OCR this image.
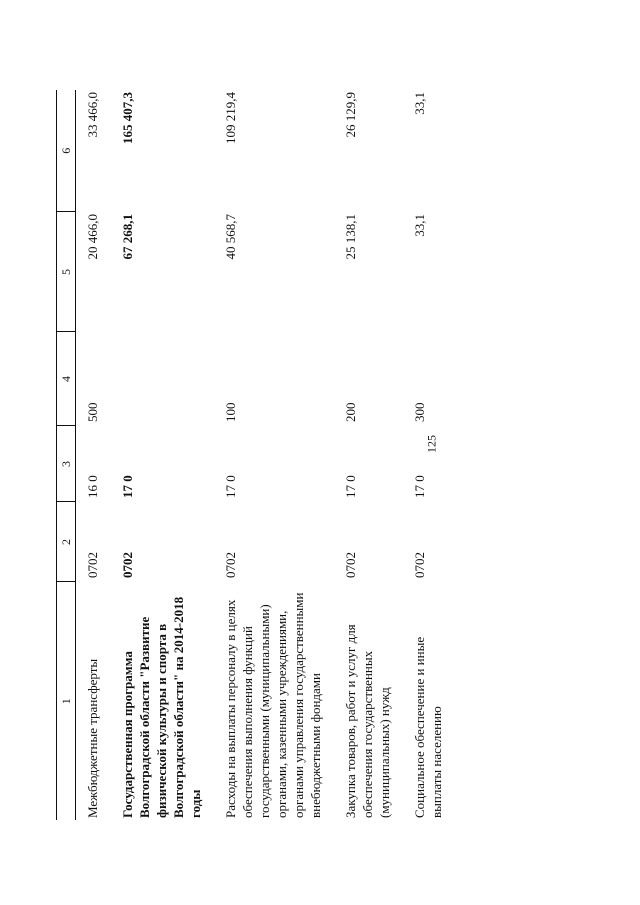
125
1	2	3	4	5	6
Межбюджетные трансферты	0702	16 0	500	20 466,0	33 466,0
Государственная программа Волгоградской области "Развитие физической культуры и спорта в Волгоградской области" на 2014-2018 годы	0702	17 0		67 268,1	165 407,3
Расходы на выплаты персоналу в целях обеспечения выполнения функций государственными (муниципальными) органами, казенными учреждениями, органами управления государственными внебюджетными фондами	0702	17 0	100	40 568,7	109 219,4
Закупка товаров, работ и услуг для обеспечения государственных (муниципальных) нужд	0702	17 0	200	25 138,1	26 129,9
Социальное обеспечение и иные выплаты населению	0702	17 0	300	33,1	33,1
